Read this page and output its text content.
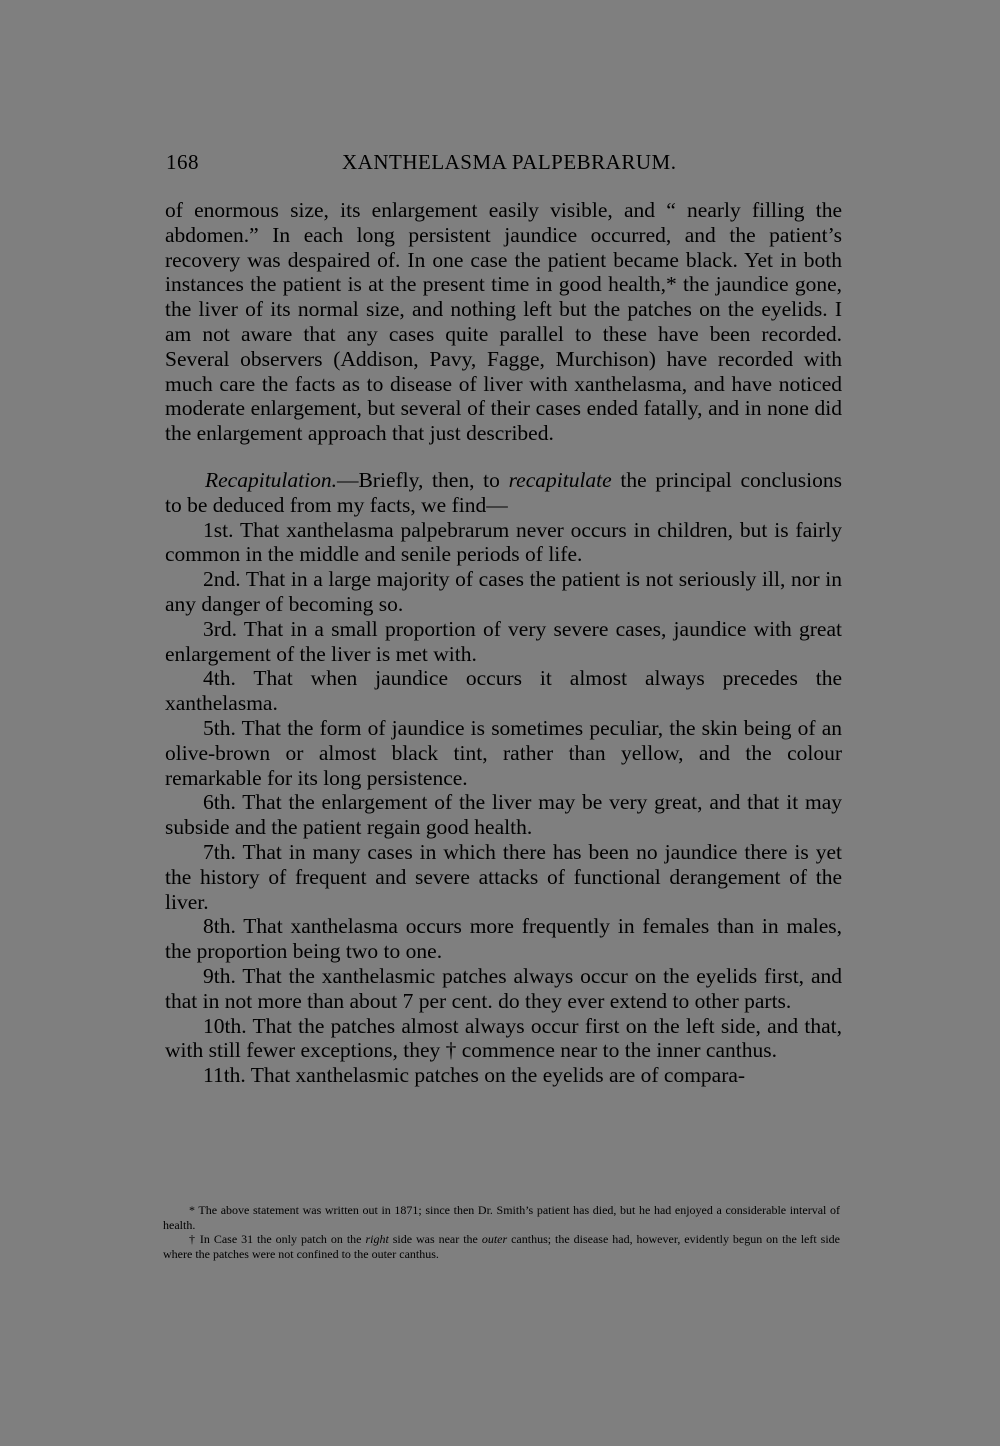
168	XANTHELASMA PALPEBRARUM.

of enormous size, its enlargement easily visible, and “ nearly filling the abdomen.” In each long persistent jaundice occurred, and the patient’s recovery was despaired of. In one case the patient became black. Yet in both instances the patient is at the present time in good health,* the jaundice gone, the liver of its normal size, and nothing left but the patches on the eyelids. I am not aware that any cases quite parallel to these have been recorded. Several observers (Addison, Pavy, Fagge, Murchison) have recorded with much care the facts as to disease of liver with xanthelasma, and have noticed moderate enlargement, but several of their cases ended fatally, and in none did the enlargement approach that just described.

Recapitulation.—Briefly, then, to recapitulate the principal conclusions to be deduced from my facts, we find—

1st. That xanthelasma palpebrarum never occurs in children, but is fairly common in the middle and senile periods of life.

2nd. That in a large majority of cases the patient is not seriously ill, nor in any danger of becoming so.

3rd. That in a small proportion of very severe cases, jaundice with great enlargement of the liver is met with.

4th. That when jaundice occurs it almost always precedes the xanthelasma.

5th. That the form of jaundice is sometimes peculiar, the skin being of an olive-brown or almost black tint, rather than yellow, and the colour remarkable for its long persistence.

6th. That the enlargement of the liver may be very great, and that it may subside and the patient regain good health.

7th. That in many cases in which there has been no jaundice there is yet the history of frequent and severe attacks of functional derangement of the liver.

8th. That xanthelasma occurs more frequently in females than in males, the proportion being two to one.

9th. That the xanthelasmic patches always occur on the eyelids first, and that in not more than about 7 per cent. do they ever extend to other parts.

10th. That the patches almost always occur first on the left side, and that, with still fewer exceptions, they † commence near to the inner canthus.

11th. That xanthelasmic patches on the eyelids are of compara-

* The above statement was written out in 1871; since then Dr. Smith’s patient has died, but he had enjoyed a considerable interval of health.

† In Case 31 the only patch on the right side was near the outer canthus; the disease had, however, evidently begun on the left side where the patches were not confined to the outer canthus.
